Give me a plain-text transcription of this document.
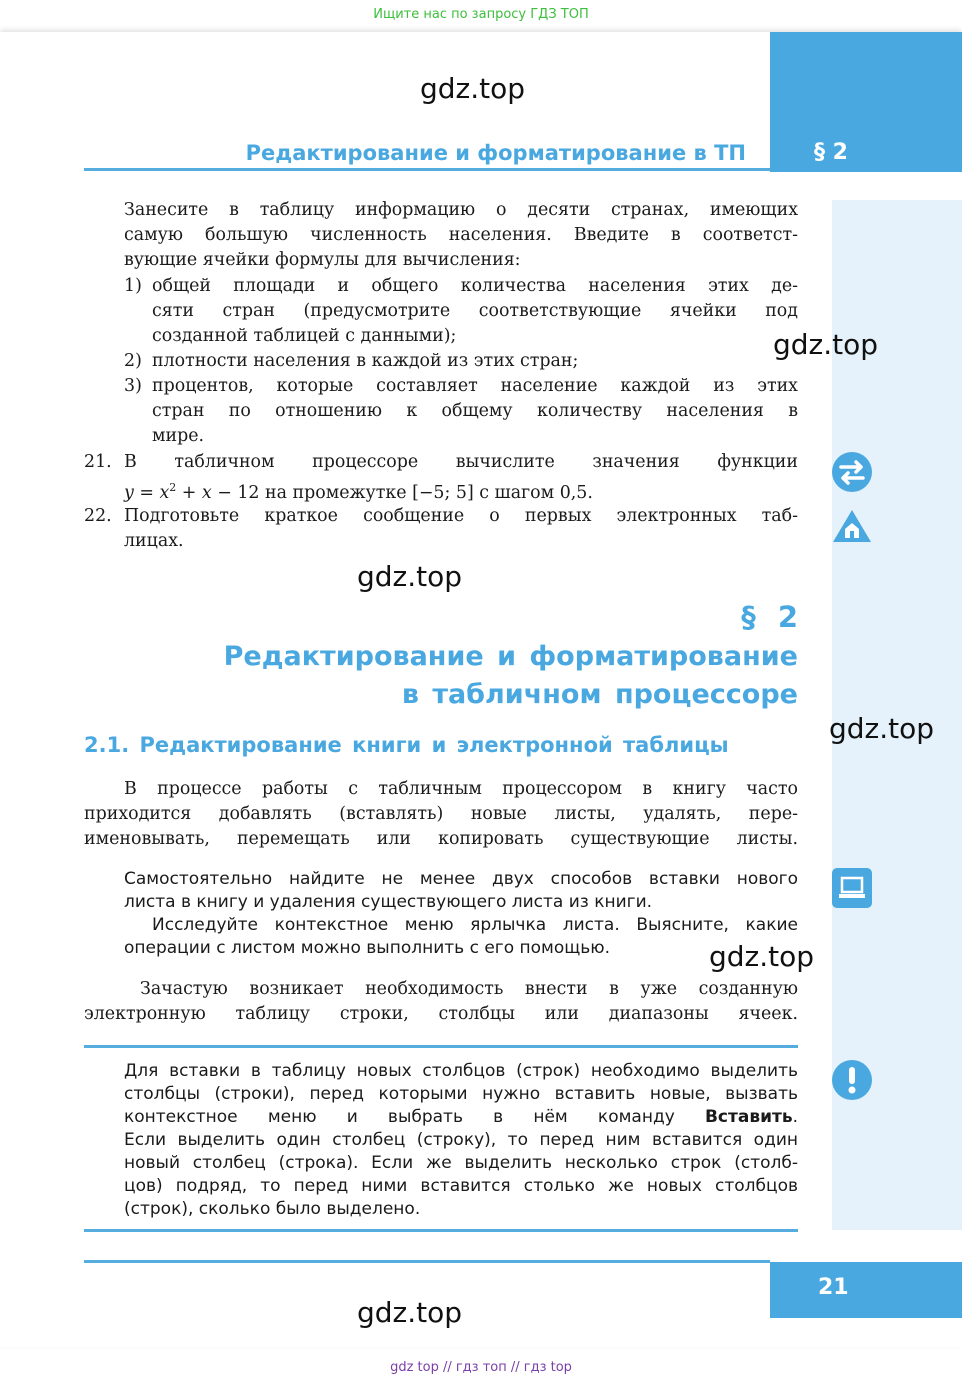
Ищите нас по запросу ГДЗ ТОП
§ 2
gdz.top
Редактирование и форматирование в ТП
Занесите в таблицу информацию о десяти странах, имеющих
самую большую численность населения. Введите в соответст-
вующие ячейки формулы для вычисления:
1) общей площади и общего количества населения этих де-
сяти стран (предусмотрите соответствующие ячейки под
созданной таблицей с данными);
2) плотности населения в каждой из этих стран;	gdz.top
3) процентов, которые составляет население каждой из этих
стран по отношению к общему количеству населения в
мире.
21. В табличном процессоре вычислите значения функции
$y = x^2 + x - 12$ на промежутке [−5; 5] с шагом 0,5.
22. Подготовьте краткое сообщение о первых электронных таб-
лицах.
gdz.top
§ 2
Редактирование и форматирование
в табличном процессоре
gdz.top
2.1. Редактирование книги и электронной таблицы
В процессе работы с табличным процессором в книгу часто
приходится добавлять (вставлять) новые листы, удалять, пере-
именовывать, перемещать или копировать существующие листы.
Самостоятельно найдите не менее двух способов вставки нового
листа в книгу и удаления существующего листа из книги.
Исследуйте контекстное меню ярлычка листа. Выясните, какие
операции с листом можно выполнить с его помощью.	gdz.top
Зачастую возникает необходимость внести в уже созданную
электронную таблицу строки, столбцы или диапазоны ячеек.
Для вставки в таблицу новых столбцов (строк) необходимо выделить
столбцы (строки), перед которыми нужно вставить новые, вызвать
контекстное меню и выбрать в нём команду Вставить.
Если выделить один столбец (строку), то перед ним вставится один
новый столбец (строка). Если же выделить несколько строк (столб-
цов) подряд, то перед ними вставится столько же новых столбцов
(строк), сколько было выделено.
21
gdz.top
gdz top // гдз топ // гдз top
